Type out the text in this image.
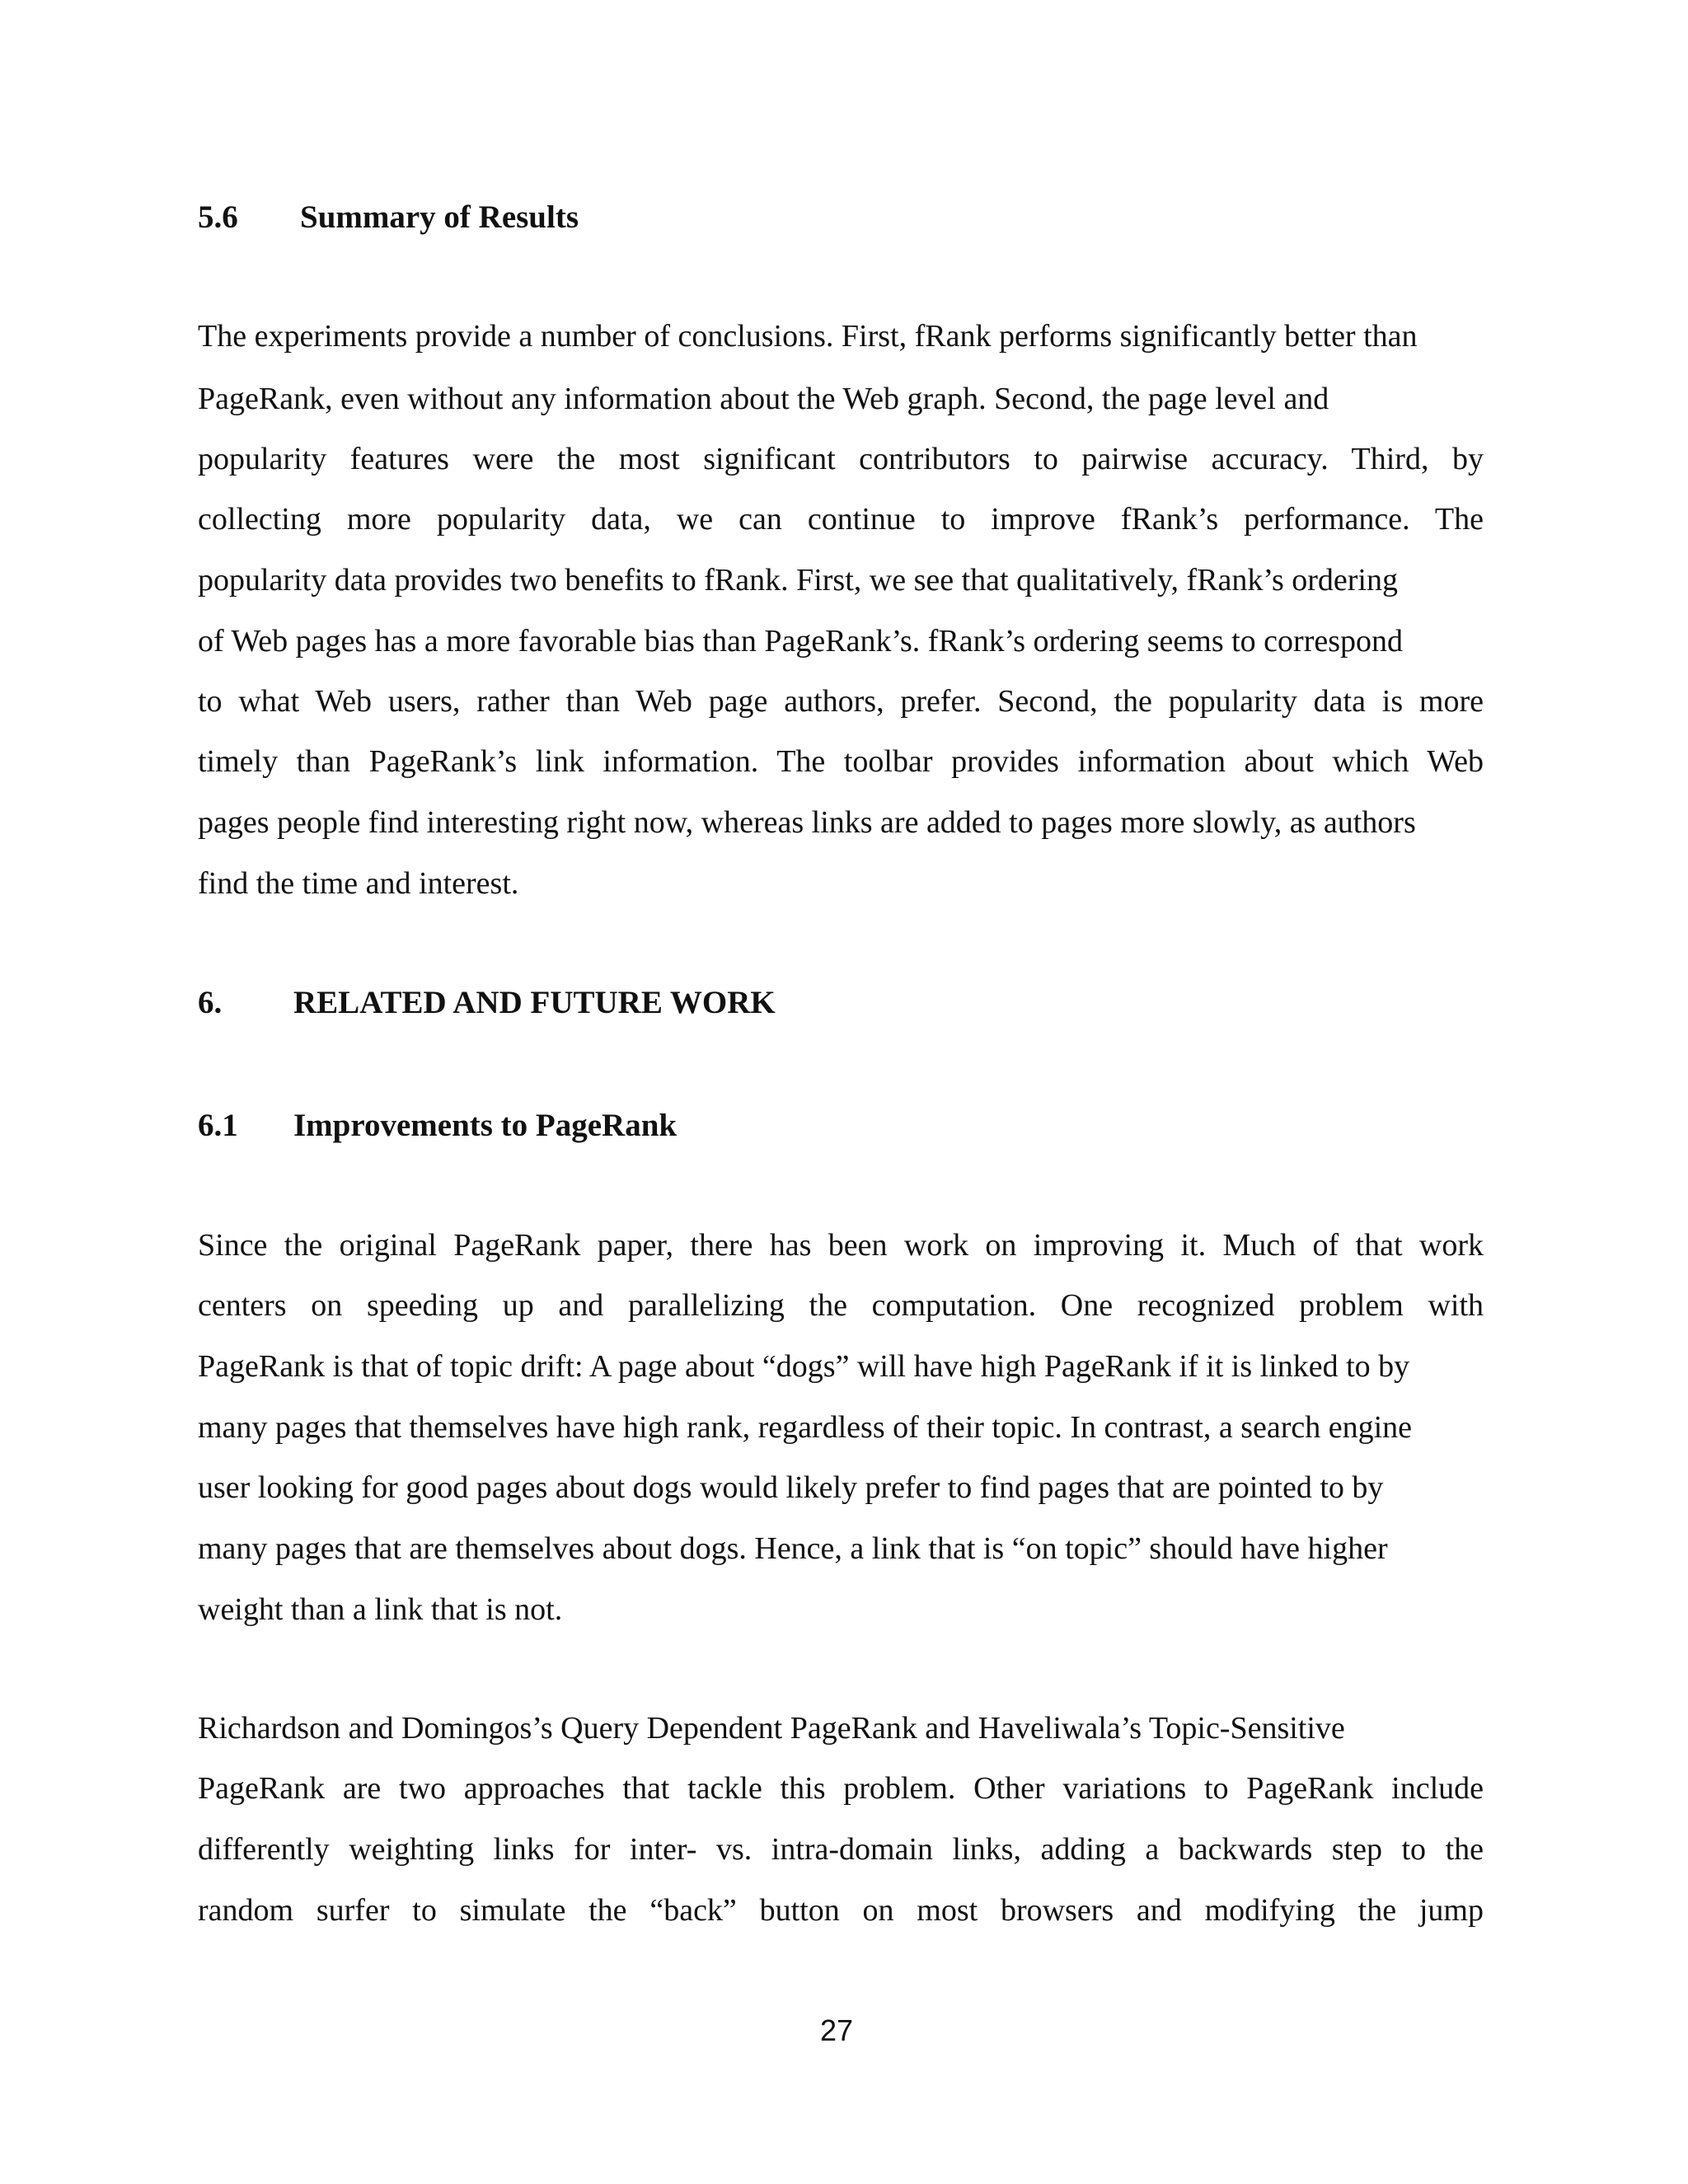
5.6 Summary of Results
The experiments provide a number of conclusions. First, fRank performs significantly better than
PageRank, even without any information about the Web graph. Second, the page level and
popularity features were the most significant contributors to pairwise accuracy. Third, by
collecting more popularity data, we can continue to improve fRank’s performance. The
popularity data provides two benefits to fRank. First, we see that qualitatively, fRank’s ordering
of Web pages has a more favorable bias than PageRank’s. fRank’s ordering seems to correspond
to what Web users, rather than Web page authors, prefer. Second, the popularity data is more
timely than PageRank’s link information. The toolbar provides information about which Web
pages people find interesting right now, whereas links are added to pages more slowly, as authors
find the time and interest.
6. RELATED AND FUTURE WORK
6.1 Improvements to PageRank
Since the original PageRank paper, there has been work on improving it. Much of that work
centers on speeding up and parallelizing the computation. One recognized problem with
PageRank is that of topic drift: A page about “dogs” will have high PageRank if it is linked to by
many pages that themselves have high rank, regardless of their topic. In contrast, a search engine
user looking for good pages about dogs would likely prefer to find pages that are pointed to by
many pages that are themselves about dogs. Hence, a link that is “on topic” should have higher
weight than a link that is not.
Richardson and Domingos’s Query Dependent PageRank and Haveliwala’s Topic-Sensitive
PageRank are two approaches that tackle this problem. Other variations to PageRank include
differently weighting links for inter- vs. intra-domain links, adding a backwards step to the
random surfer to simulate the “back” button on most browsers and modifying the jump
27
